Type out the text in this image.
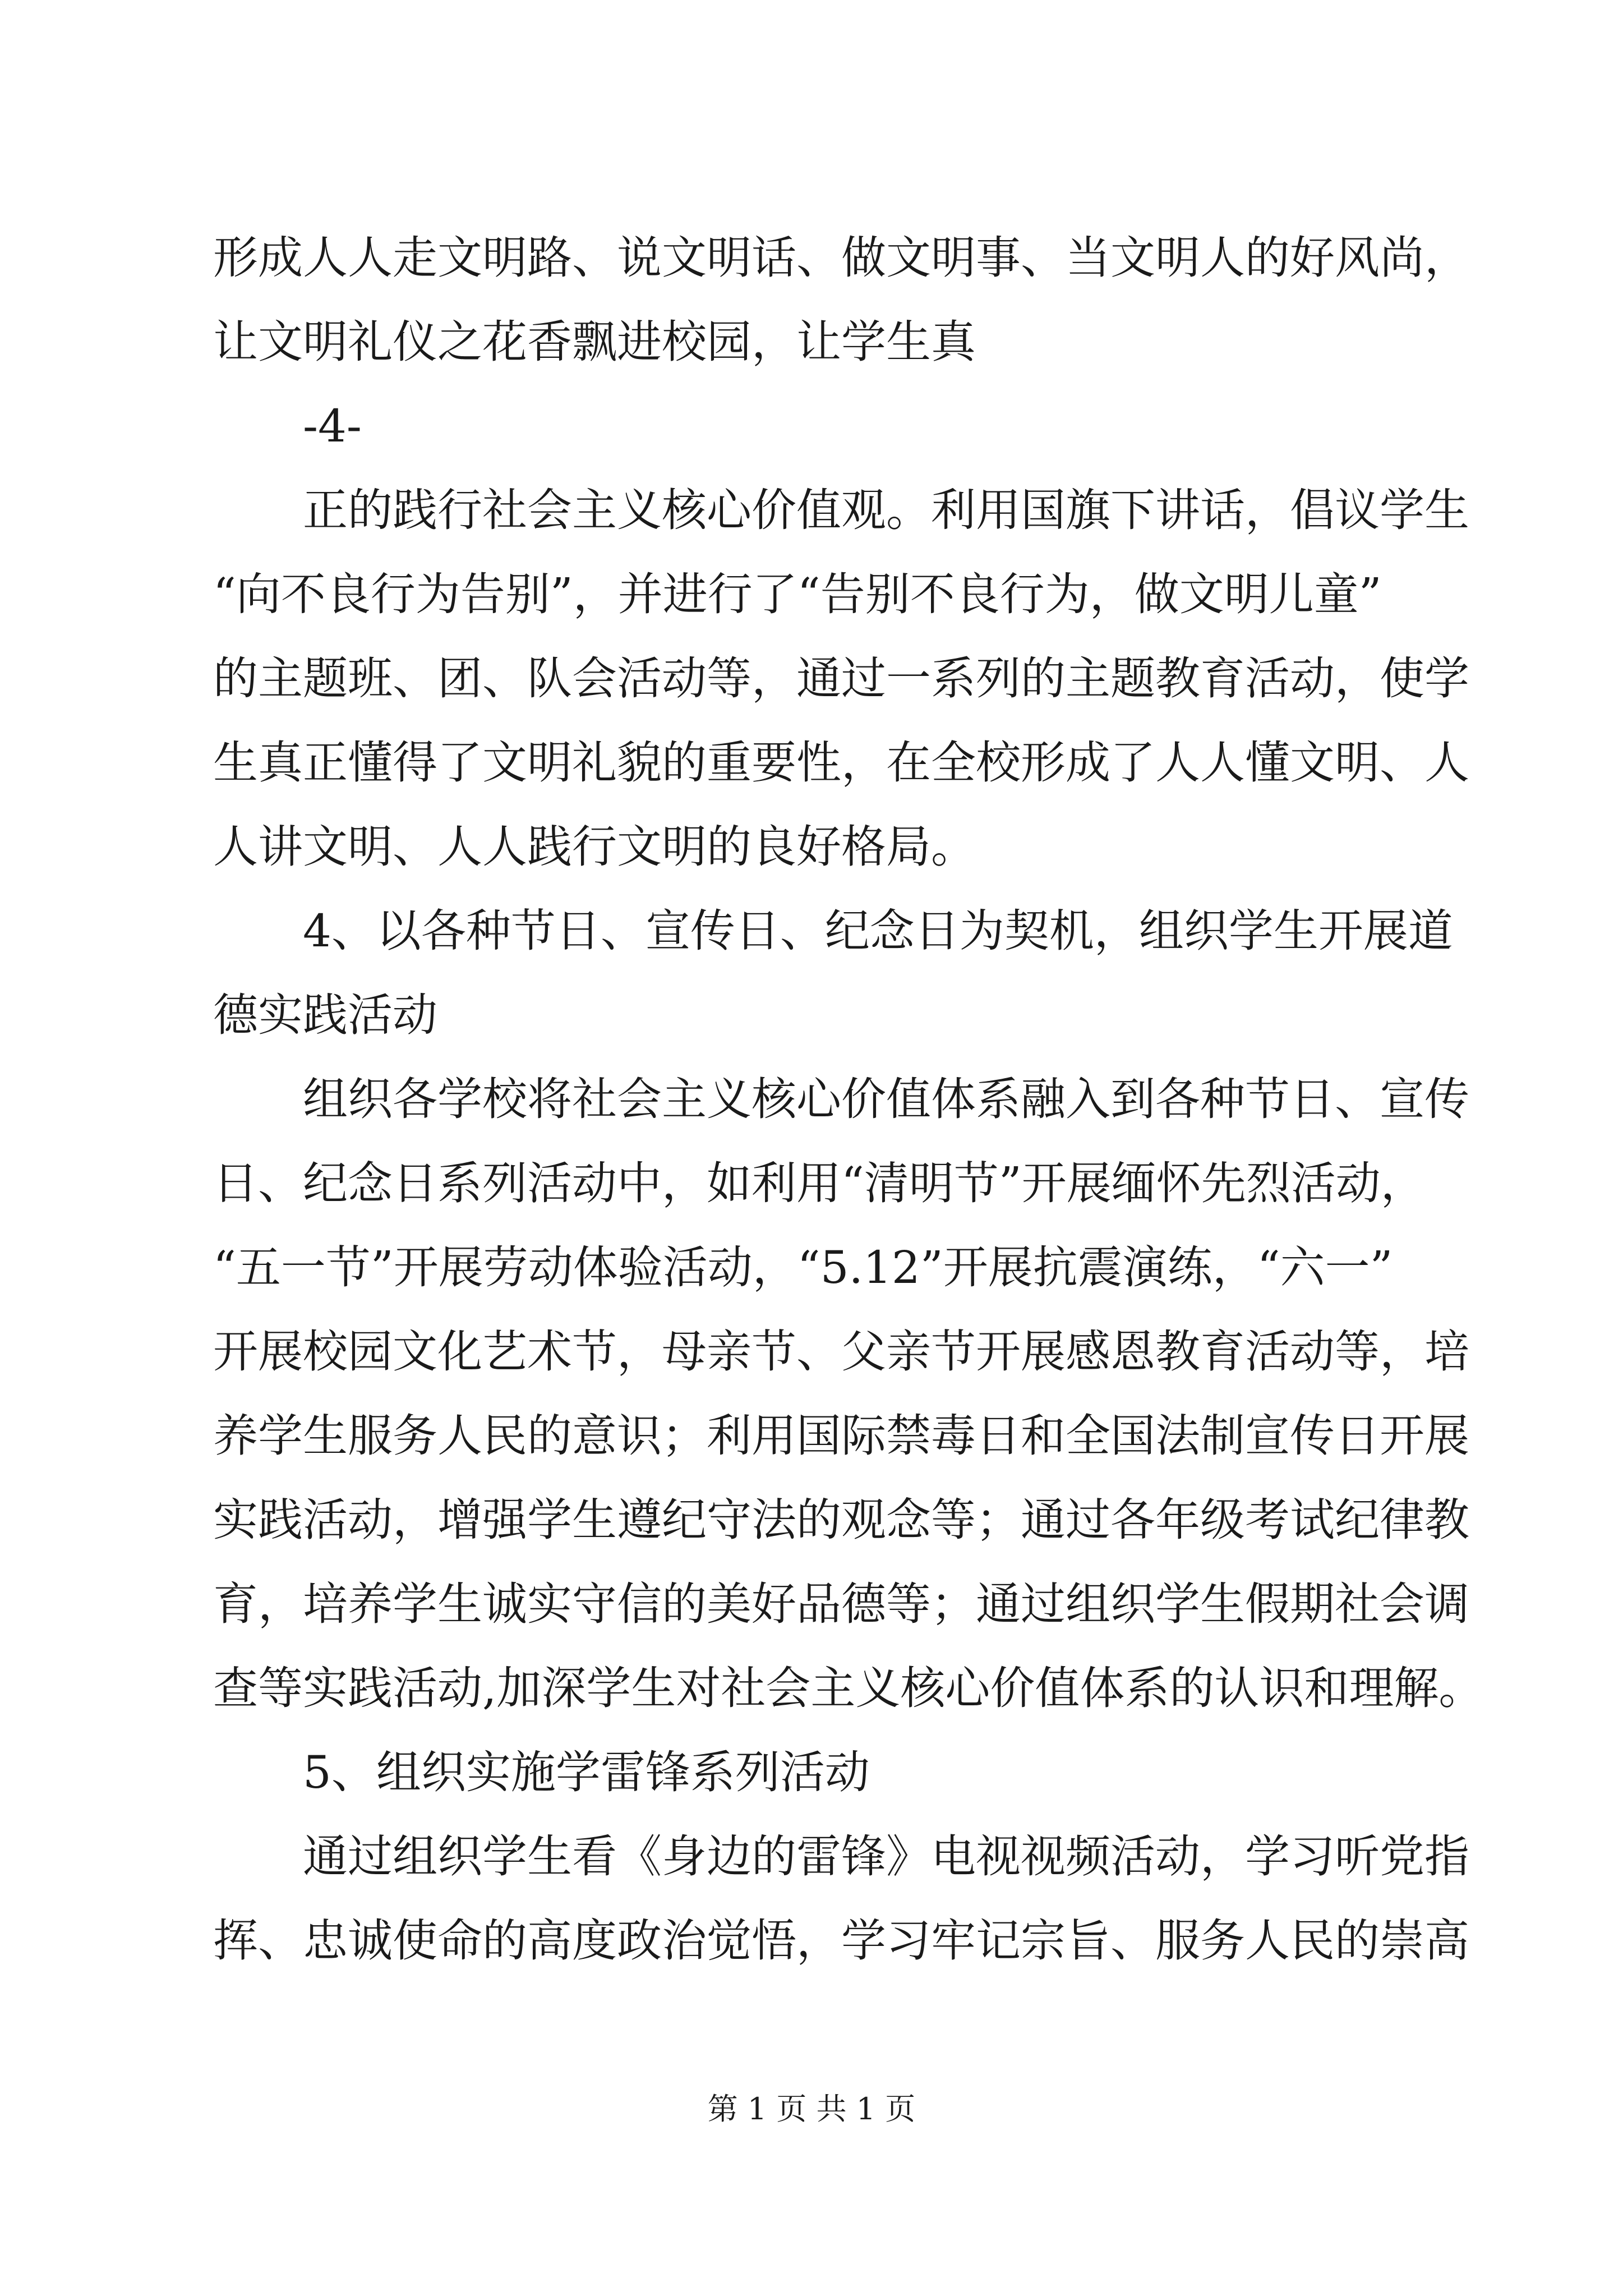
形成人人走文明路、说文明话、做文明事、当文明人的好风尚，
让文明礼仪之花香飘进校园，让学生真
-4-
正的践行社会主义核心价值观。利用国旗下讲话，倡议学生
“向不良行为告别”，并进行了“告别不良行为，做文明儿童”
的主题班、团、队会活动等，通过一系列的主题教育活动，使学
生真正懂得了文明礼貌的重要性，在全校形成了人人懂文明、人
人讲文明、人人践行文明的良好格局。
4、以各种节日、宣传日、纪念日为契机，组织学生开展道
德实践活动
组织各学校将社会主义核心价值体系融入到各种节日、宣传
日、纪念日系列活动中，如利用“清明节”开展缅怀先烈活动，
“五一节”开展劳动体验活动，“5.12”开展抗震演练，“六一”
开展校园文化艺术节，母亲节、父亲节开展感恩教育活动等，培
养学生服务人民的意识；利用国际禁毒日和全国法制宣传日开展
实践活动，增强学生遵纪守法的观念等；通过各年级考试纪律教
育，培养学生诚实守信的美好品德等；通过组织学生假期社会调
查等实践活动,加深学生对社会主义核心价值体系的认识和理解。
5、组织实施学雷锋系列活动
通过组织学生看《身边的雷锋》电视视频活动，学习听党指
挥、忠诚使命的高度政治觉悟，学习牢记宗旨、服务人民的崇高
第 1 页 共 1 页
